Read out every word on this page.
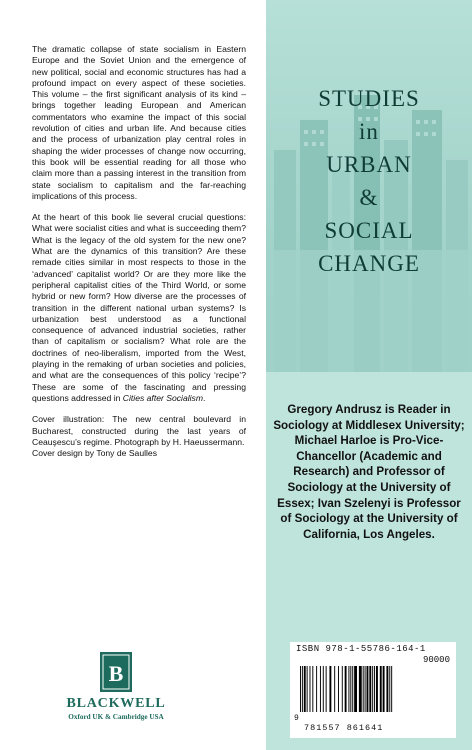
The dramatic collapse of state socialism in Eastern Europe and the Soviet Union and the emergence of new political, social and economic structures has had a profound impact on every aspect of these societies. This volume – the first significant analysis of its kind – brings together leading European and American commentators who examine the impact of this social revolution of cities and urban life. And because cities and the process of urbanization play central roles in shaping the wider processes of change now occurring, this book will be essential reading for all those who claim more than a passing interest in the transition from state socialism to capitalism and the far-reaching implications of this process.

At the heart of this book lie several crucial questions: What were socialist cities and what is succeeding them? What is the legacy of the old system for the new one? What are the dynamics of this transition? Are these remade cities similar in most respects to those in the ‘advanced’ capitalist world? Or are they more like the peripheral capitalist cities of the Third World, or some hybrid or new form? How diverse are the processes of transition in the different national urban systems? Is urbanization best understood as a functional consequence of advanced industrial societies, rather than of capitalism or socialism? What role are the doctrines of neo-liberalism, imported from the West, playing in the remaking of urban societies and policies, and what are the consequences of this policy ‘recipe’? These are some of the fascinating and pressing questions addressed in Cities after Socialism.

Cover illustration: The new central boulevard in Bucharest, constructed during the last years of Ceauşescu’s regime. Photograph by H. Haeussermann.

Cover design by Tony de Saulles

STUDIES
in
URBAN
&
SOCIAL
CHANGE
Gregory Andrusz is Reader in Sociology at Middlesex University; Michael Harloe is Pro-Vice-Chancellor (Academic and Research) and Professor of Sociology at the University of Essex; Ivan Szelenyi is Professor of Sociology at the University of California, Los Angeles.
ISBN 978-1-55786-164-1
90000
9
781557 861641
B
BLACKWELL
Oxford UK & Cambridge USA
